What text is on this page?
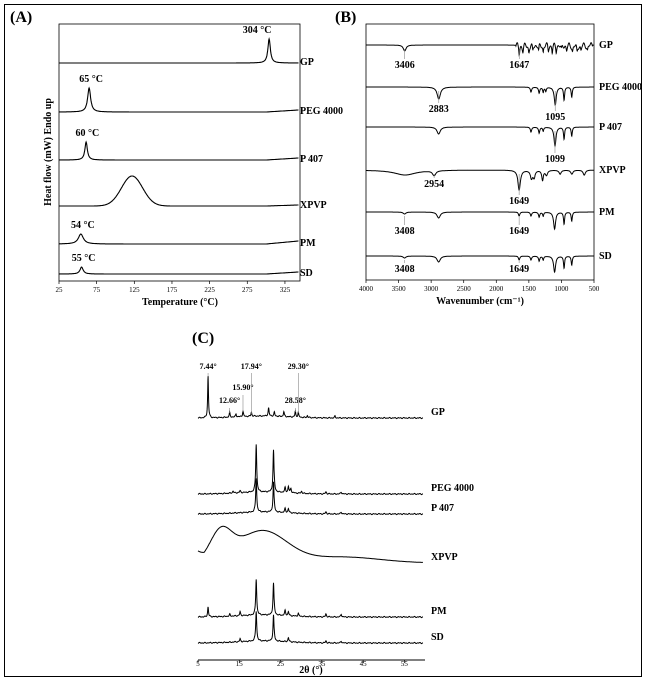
(A)	(B)
(C)
25	75	125	175	225	275	325
GP
PEG 4000
P 407
XPVP
PM
SD
304 °C
65 °C
60 °C
54 °C
55 °C
Temperature (°C)
Heat flow (mW) Endo up
4000	3500	3000	2500	2000	1500	1000	500
GP
PEG 4000
P 407
XPVP
PM
SD
3406	1647
2883
1095
1099
2954
1649
3408	1649
3408	1649
Wavenumber (cm⁻¹)
5	15	25	35	45	55
GP
PEG 4000
P 407
XPVP
PM
SD
7.44°
12.66°
15.90°
17.94°
28.58°
29.30°
2θ (°)
